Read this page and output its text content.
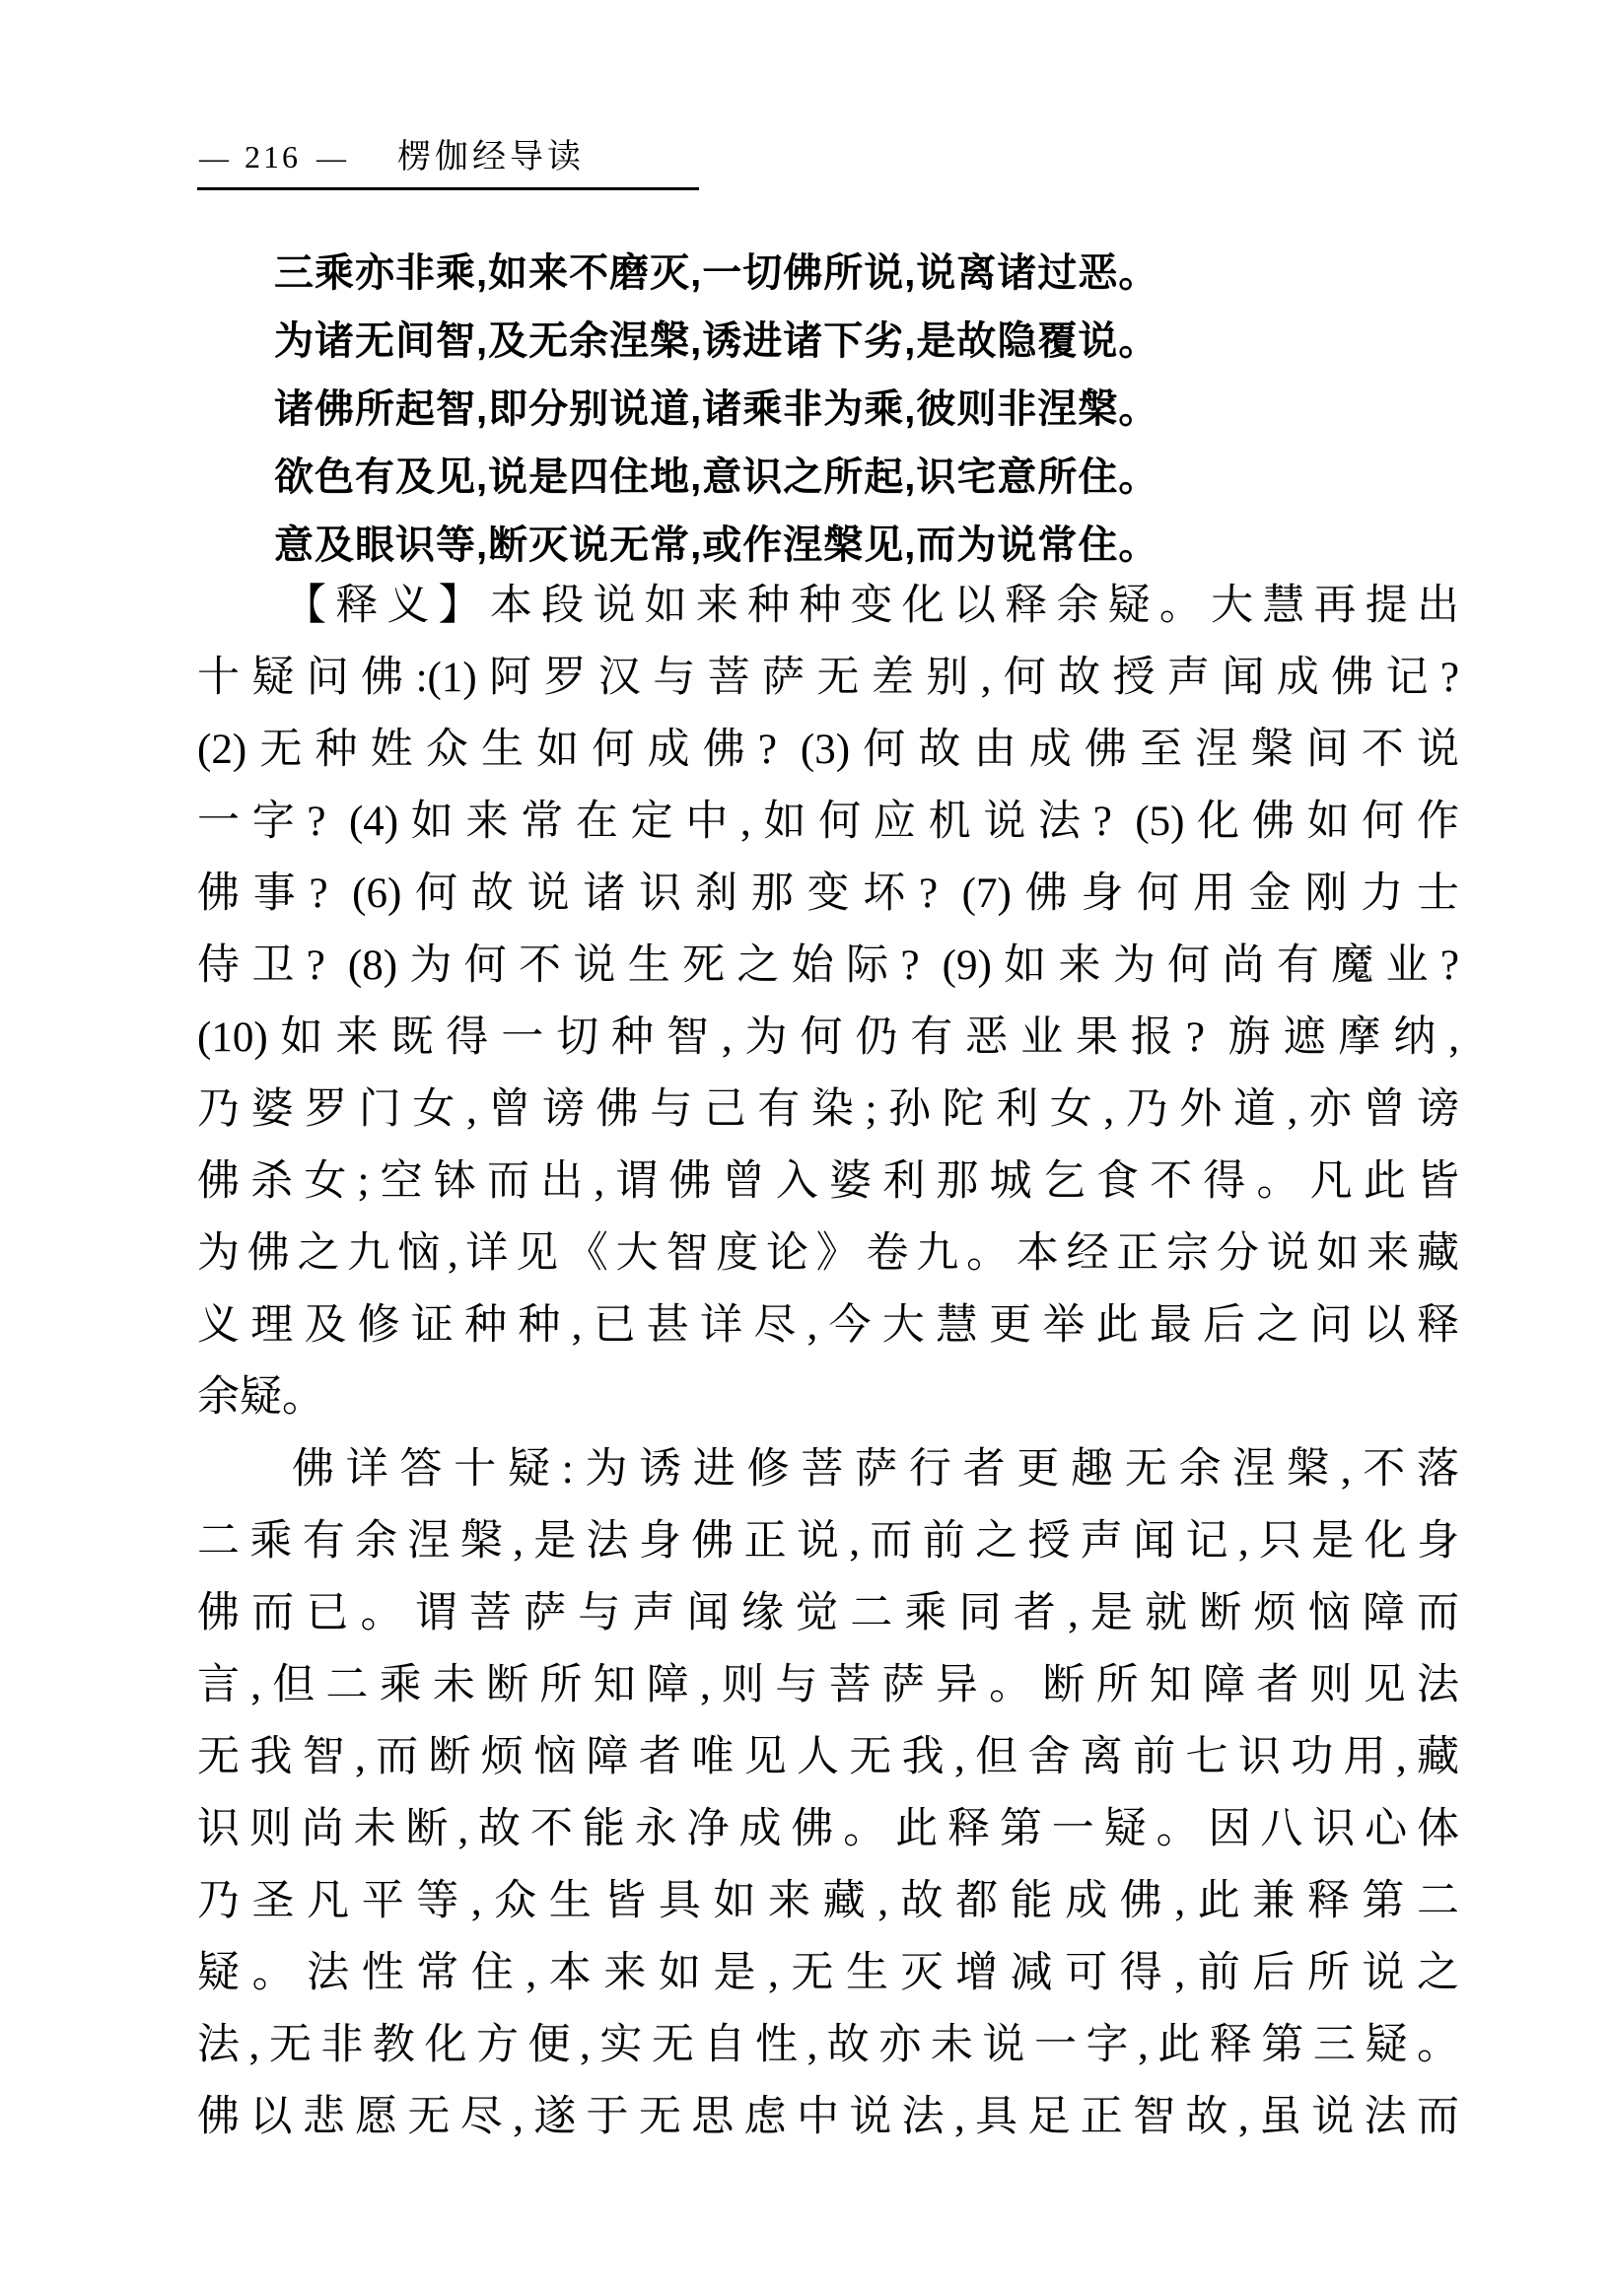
— 216 — 楞伽经导读
三乘亦非乘,如来不磨灭,一切佛所说,说离诸过恶。
为诸无间智,及无余涅槃,诱进诸下劣,是故隐覆说。
诸佛所起智,即分别说道,诸乘非为乘,彼则非涅槃。
欲色有及见,说是四住地,意识之所起,识宅意所住。
意及眼识等,断灭说无常,或作涅槃见,而为说常住。
【释义】本段说如来种种变化以释余疑。大慧再提出
十疑问佛:(1)阿罗汉与菩萨无差别,何故授声闻成佛记?
(2)无种姓众生如何成佛? (3)何故由成佛至涅槃间不说
一字? (4)如来常在定中,如何应机说法? (5)化佛如何作
佛事? (6)何故说诸识刹那变坏? (7)佛身何用金刚力士
侍卫? (8)为何不说生死之始际? (9)如来为何尚有魔业?
(10)如来既得一切种智,为何仍有恶业果报? 旃遮摩纳,
乃婆罗门女,曾谤佛与己有染;孙陀利女,乃外道,亦曾谤
佛杀女;空钵而出,谓佛曾入婆利那城乞食不得。凡此皆
为佛之九恼,详见《大智度论》卷九。本经正宗分说如来藏
义理及修证种种,已甚详尽,今大慧更举此最后之问以释
余疑。
佛详答十疑:为诱进修菩萨行者更趣无余涅槃,不落
二乘有余涅槃,是法身佛正说,而前之授声闻记,只是化身
佛而已。谓菩萨与声闻缘觉二乘同者,是就断烦恼障而
言,但二乘未断所知障,则与菩萨异。断所知障者则见法
无我智,而断烦恼障者唯见人无我,但舍离前七识功用,藏
识则尚未断,故不能永净成佛。此释第一疑。因八识心体
乃圣凡平等,众生皆具如来藏,故都能成佛,此兼释第二
疑。法性常住,本来如是,无生灭增减可得,前后所说之
法,无非教化方便,实无自性,故亦未说一字,此释第三疑。
佛以悲愿无尽,遂于无思虑中说法,具足正智故,虽说法而
